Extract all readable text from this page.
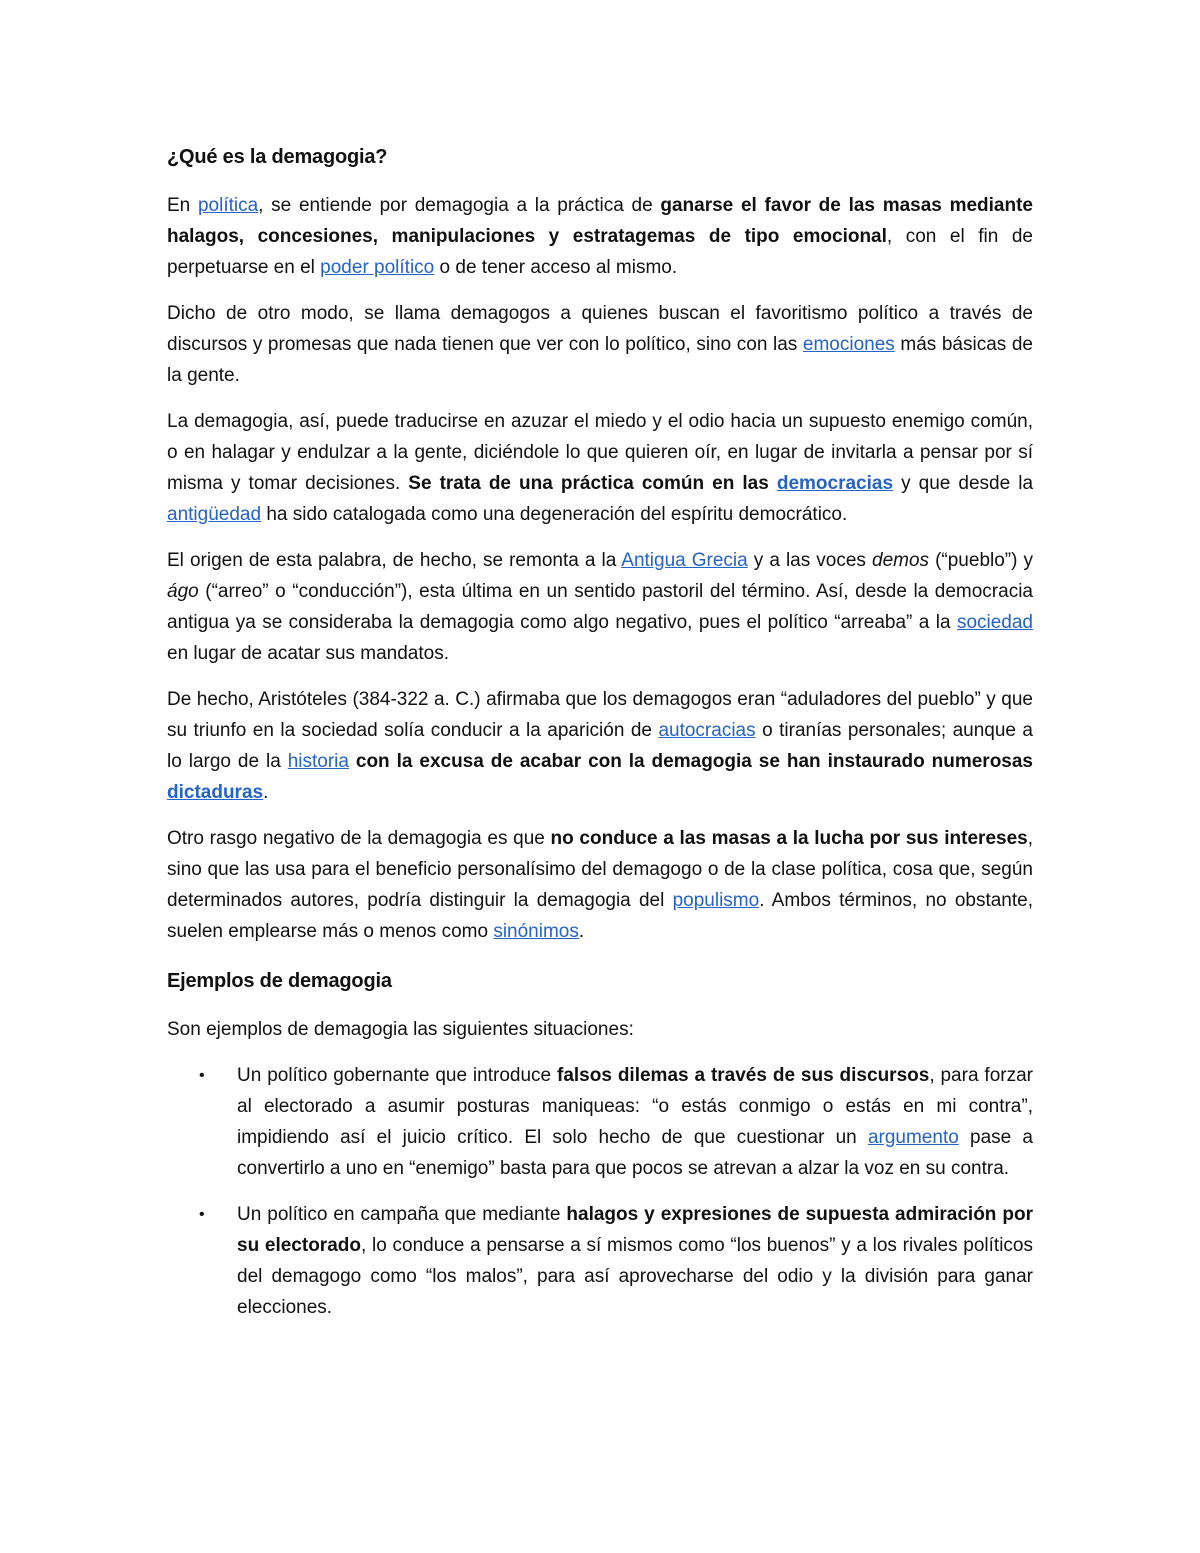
¿Qué es la demagogia?

En política, se entiende por demagogia a la práctica de ganarse el favor de las masas mediante halagos, concesiones, manipulaciones y estratagemas de tipo emocional, con el fin de perpetuarse en el poder político o de tener acceso al mismo.

Dicho de otro modo, se llama demagogos a quienes buscan el favoritismo político a través de discursos y promesas que nada tienen que ver con lo político, sino con las emociones más básicas de la gente.

La demagogia, así, puede traducirse en azuzar el miedo y el odio hacia un supuesto enemigo común, o en halagar y endulzar a la gente, diciéndole lo que quieren oír, en lugar de invitarla a pensar por sí misma y tomar decisiones. Se trata de una práctica común en las democracias y que desde la antigüedad ha sido catalogada como una degeneración del espíritu democrático.

El origen de esta palabra, de hecho, se remonta a la Antigua Grecia y a las voces demos (“pueblo”) y ágo (“arreo” o “conducción”), esta última en un sentido pastoril del término. Así, desde la democracia antigua ya se consideraba la demagogia como algo negativo, pues el político “arreaba” a la sociedad en lugar de acatar sus mandatos.

De hecho, Aristóteles (384-322 a. C.) afirmaba que los demagogos eran “aduladores del pueblo” y que su triunfo en la sociedad solía conducir a la aparición de autocracias o tiranías personales; aunque a lo largo de la historia con la excusa de acabar con la demagogia se han instaurado numerosas dictaduras.

Otro rasgo negativo de la demagogia es que no conduce a las masas a la lucha por sus intereses, sino que las usa para el beneficio personalísimo del demagogo o de la clase política, cosa que, según determinados autores, podría distinguir la demagogia del populismo. Ambos términos, no obstante, suelen emplearse más o menos como sinónimos.

Ejemplos de demagogia

Son ejemplos de demagogia las siguientes situaciones:

• Un político gobernante que introduce falsos dilemas a través de sus discursos, para forzar al electorado a asumir posturas maniqueas: “o estás conmigo o estás en mi contra”, impidiendo así el juicio crítico. El solo hecho de que cuestionar un argumento pase a convertirlo a uno en “enemigo” basta para que pocos se atrevan a alzar la voz en su contra.
• Un político en campaña que mediante halagos y expresiones de supuesta admiración por su electorado, lo conduce a pensarse a sí mismos como “los buenos” y a los rivales políticos del demagogo como “los malos”, para así aprovecharse del odio y la división para ganar elecciones.
